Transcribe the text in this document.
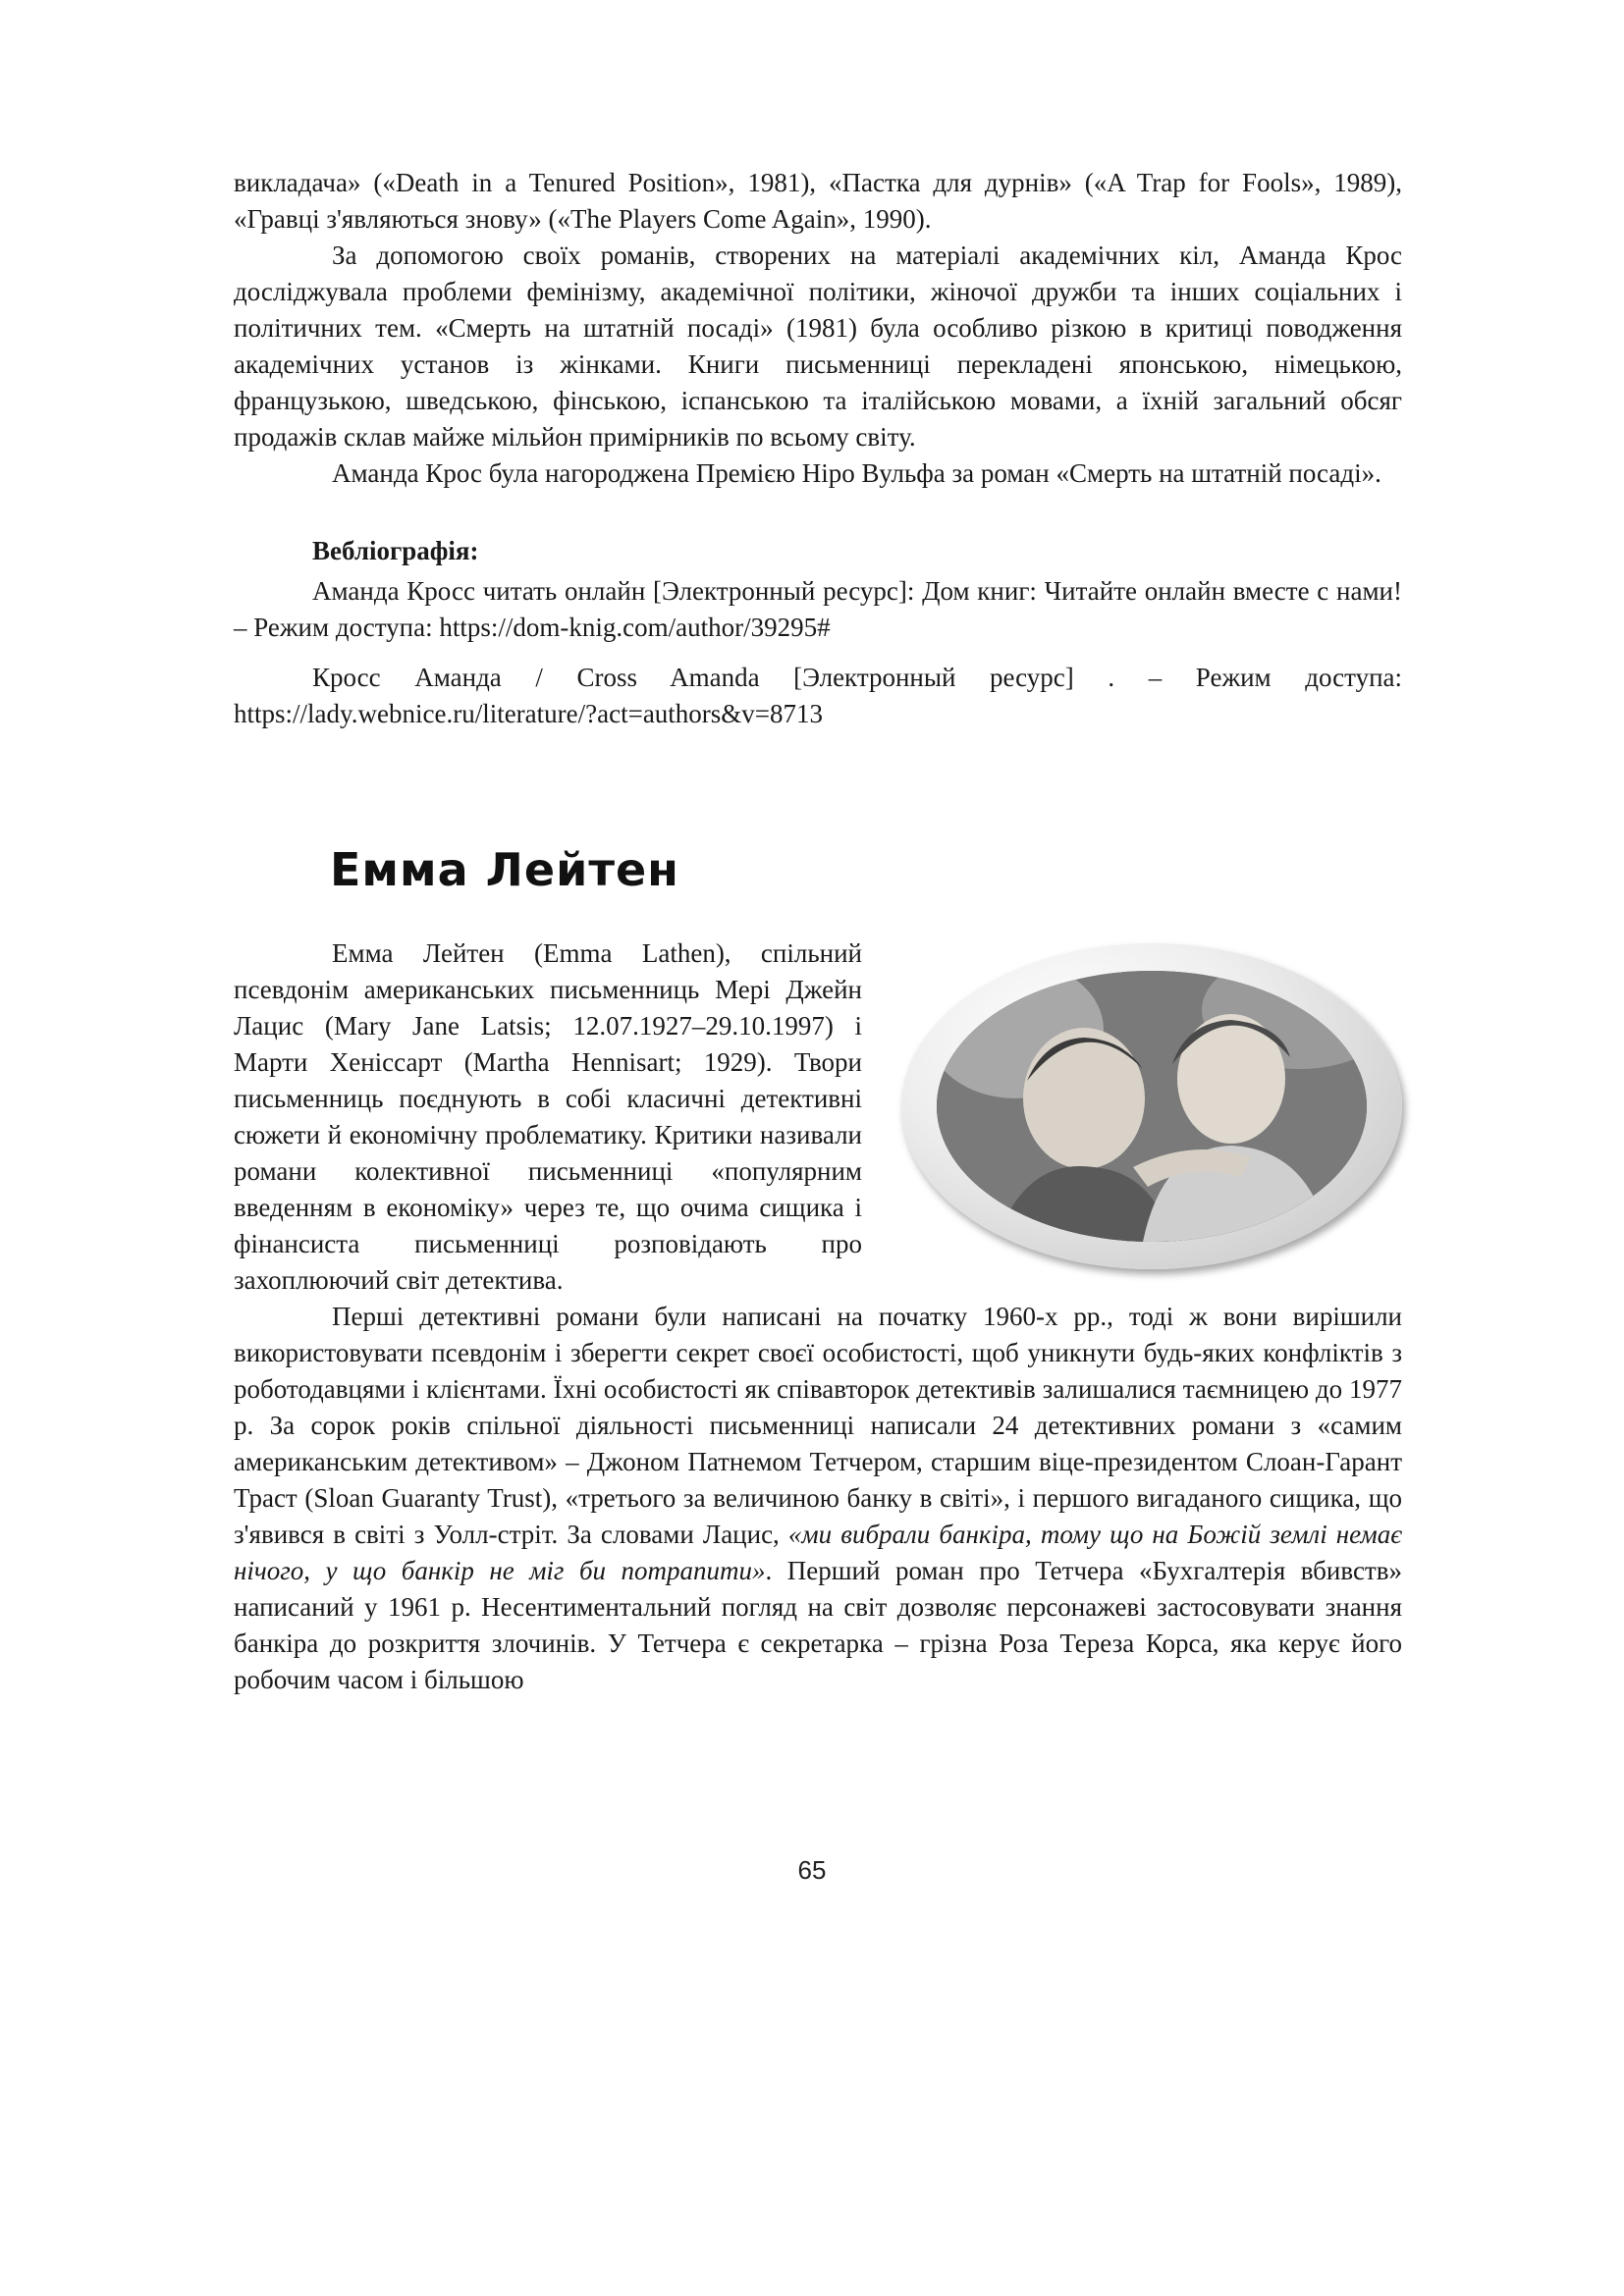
викладача» («Death in a Tenured Position», 1981), «Пастка для дурнів» («A Trap for Fools», 1989), «Гравці з'являються знову» («The Players Come Again», 1990).

За допомогою своїх романів, створених на матеріалі академічних кіл, Аманда Крос досліджувала проблеми фемінізму, академічної політики, жіночої дружби та інших соціальних і політичних тем. «Смерть на штатній посаді» (1981) була особливо різкою в критиці поводження академічних установ із жінками. Книги письменниці перекладені японською, німецькою, французькою, шведською, фінською, іспанською та італійською мовами, а їхній загальний обсяг продажів склав майже мільйон примірників по всьому світу.

Аманда Крос була нагороджена Премією Ніро Вульфа за роман «Смерть на штатній посаді».

Вебліографія:

Аманда Кросс читать онлайн [Электронный ресурс]: Дом книг: Читайте онлайн вместе с нами! – Режим доступа: https://dom-knig.com/author/39295#

Кросс Аманда / Cross Amanda [Электронный ресурс] . – Режим доступа: https://lady.webnice.ru/literature/?act=authors&v=8713

Емма Лейтен

Емма Лейтен (Emma Lathen), спільний псевдонім американських письменниць Мері Джейн Лацис (Mary Jane Latsis; 12.07.1927–29.10.1997) і Марти Хеніссарт (Martha Hennisart; 1929). Твори письменниць поєднують в собі класичні детективні сюжети й економічну проблематику. Критики називали романи колективної письменниці «популярним введенням в економіку» через те, що очима сищика і фінансиста письменниці розповідають про захоплюючий світ детектива.

Перші детективні романи були написані на початку 1960-х рр., тоді ж вони вирішили використовувати псевдонім і зберегти секрет своєї особистості, щоб уникнути будь-яких конфліктів з роботодавцями і клієнтами. Їхні особистості як співавторок детективів залишалися таємницею до 1977 р. За сорок років спільної діяльності письменниці написали 24 детективних романи з «самим американським детективом» – Джоном Патнемом Тетчером, старшим віце-президентом Слоан-Гарант Траст (Sloan Guaranty Trust), «третього за величиною банку в світі», і першого вигаданого сищика, що з'явився в світі з Уолл-стріт. За словами Лацис, «ми вибрали банкіра, тому що на Божій землі немає нічого, у що банкір не міг би потрапити». Перший роман про Тетчера «Бухгалтерія вбивств» написаний у 1961 р. Несентиментальний погляд на світ дозволяє персонажеві застосовувати знання банкіра до розкриття злочинів. У Тетчера є секретарка – грізна Роза Тереза Корса, яка керує його робочим часом і більшою

65
